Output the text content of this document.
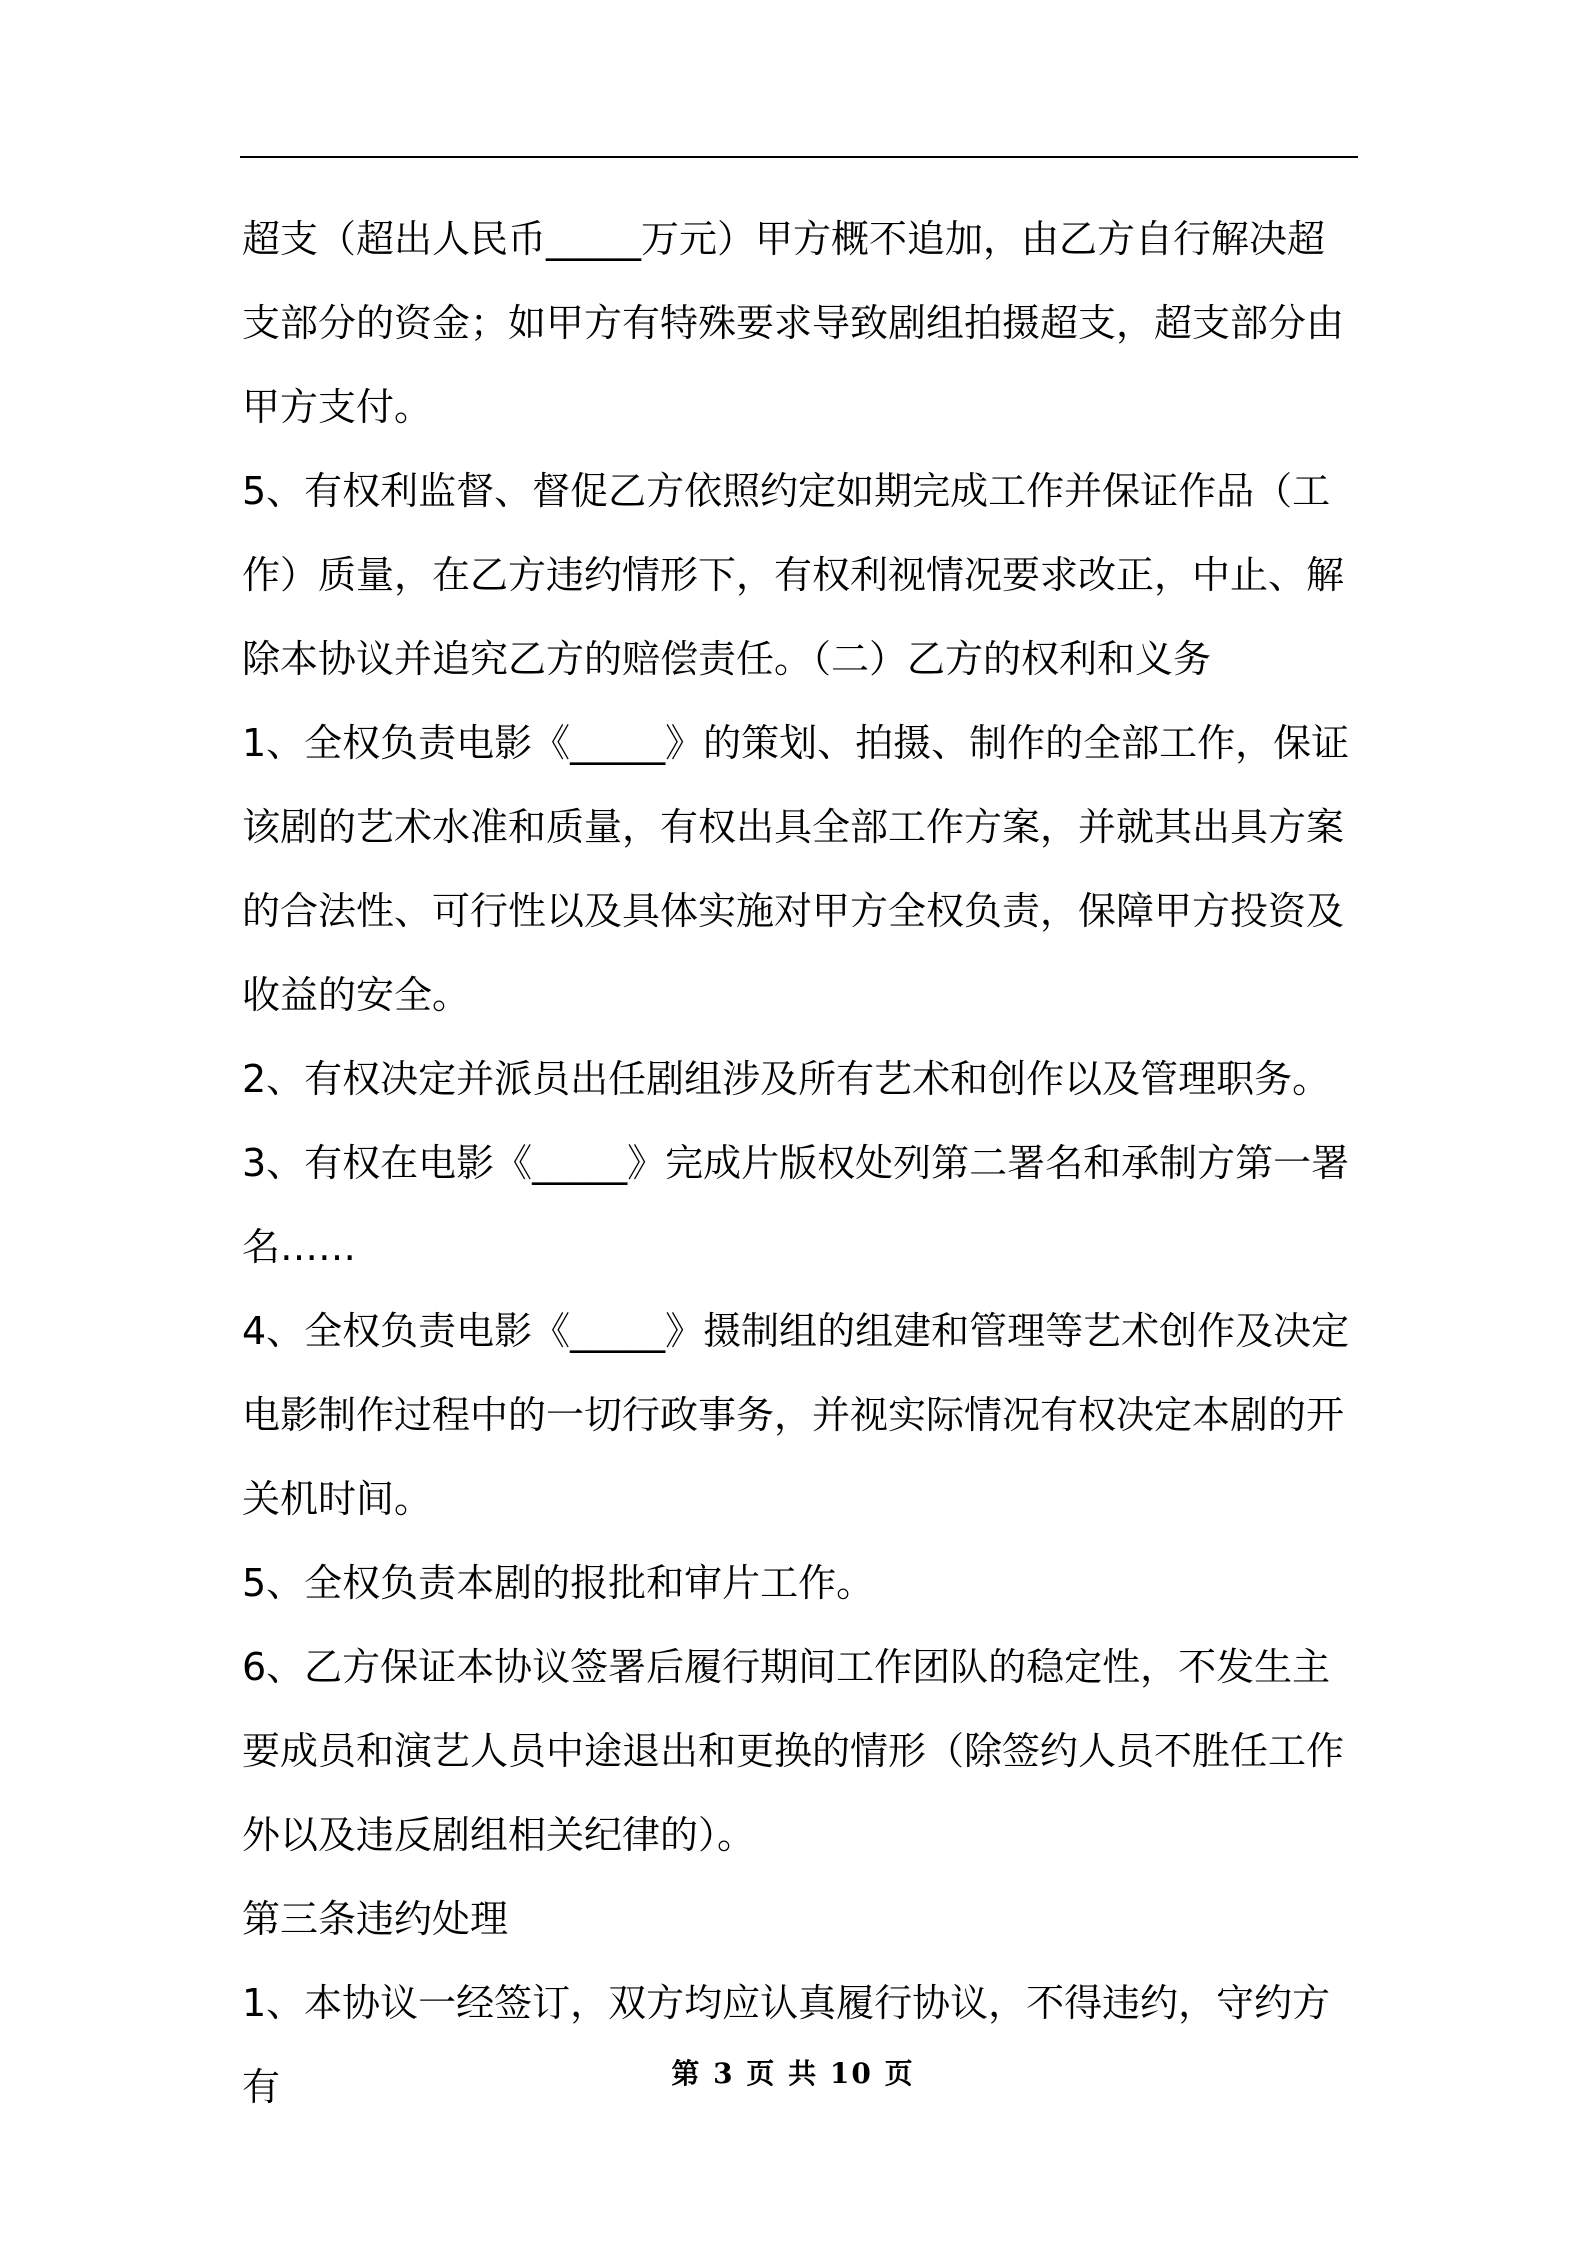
超支（超出人民币_____万元）甲方概不追加，由乙方自行解决超支部分的资金；如甲方有特殊要求导致剧组拍摄超支，超支部分由甲方支付。

5、有权利监督、督促乙方依照约定如期完成工作并保证作品（工作）质量，在乙方违约情形下，有权利视情况要求改正，中止、解除本协议并追究乙方的赔偿责任。（二）乙方的权利和义务

1、全权负责电影《_____》的策划、拍摄、制作的全部工作，保证该剧的艺术水准和质量，有权出具全部工作方案，并就其出具方案的合法性、可行性以及具体实施对甲方全权负责，保障甲方投资及收益的安全。

2、有权决定并派员出任剧组涉及所有艺术和创作以及管理职务。

3、有权在电影《_____》完成片版权处列第二署名和承制方第一署名……

4、全权负责电影《_____》摄制组的组建和管理等艺术创作及决定电影制作过程中的一切行政事务，并视实际情况有权决定本剧的开关机时间。

5、全权负责本剧的报批和审片工作。

6、乙方保证本协议签署后履行期间工作团队的稳定性，不发生主要成员和演艺人员中途退出和更换的情形（除签约人员不胜任工作外以及违反剧组相关纪律的）。

第三条违约处理

1、本协议一经签订，双方均应认真履行协议，不得违约，守约方有	第 3 页 共 10 页
